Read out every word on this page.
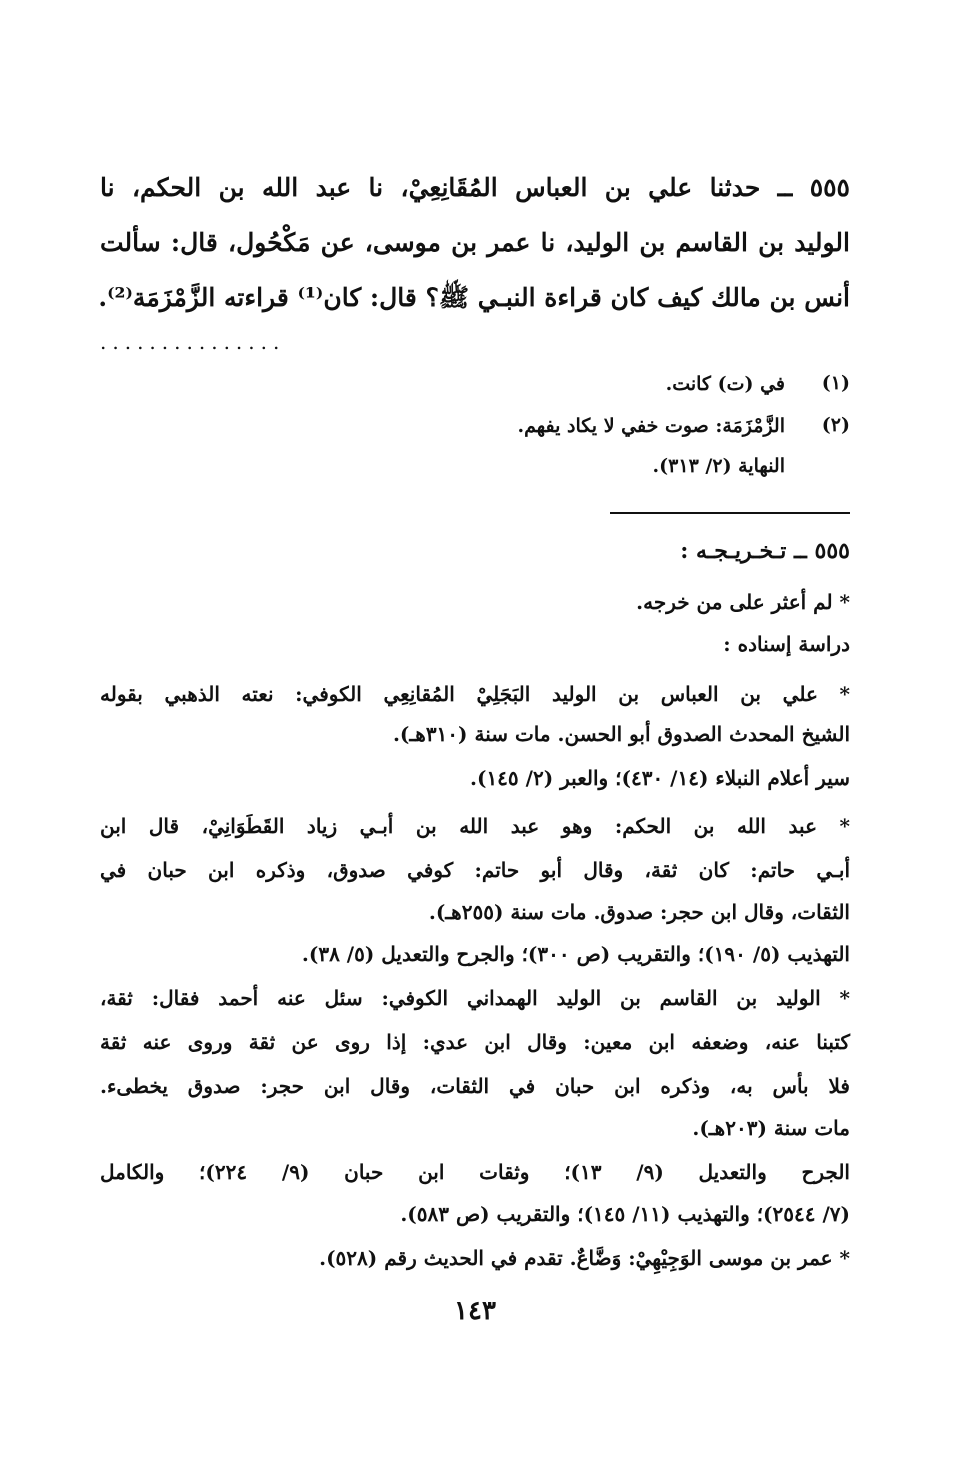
٥٥٥ ــ حدثنا علي بن العباس المُقَانِعِيْ، نا عبد الله بن الحكم، نا
الوليد بن القاسم بن الوليد، نا عمر بن موسى، عن مَكْحُول، قال: سألت
أنس بن مالك كيف كان قراءة النبـي ﷺ؟ قال: كان⁽¹⁾ قراءته الزَّمْزَمَة⁽²⁾.
...............
(١)
في (ت) كانت.
(٢)
الزَّمْزَمَة: صوت خفي لا يكاد يفهم.
النهاية (٢/ ٣١٣).
٥٥٥ ــ تـخـريـجـه :
* لم أعثر على من خرجه.
دراسة إسناده :
* علي بن العباس بن الوليد البَجَلِيْ المُقانِعِي الكوفي: نعته الذهبي بقوله
الشيخ المحدث الصدوق أبو الحسن. مات سنة (٣١٠هـ).
سير أعلام النبلاء (١٤/ ٤٣٠)؛ والعبر (٢/ ١٤٥).
* عبد الله بن الحكم: وهو عبد الله بن أبـي زياد القَطَوَانِيْ، قال ابن
أبـي حاتم: كان ثقة، وقال أبو حاتم: كوفي صدوق، وذكره ابن حبان في
الثقات، وقال ابن حجر: صدوق. مات سنة (٢٥٥هـ).
التهذيب (٥/ ١٩٠)؛ والتقريب (ص ٣٠٠)؛ والجرح والتعديل (٥/ ٣٨).
* الوليد بن القاسم بن الوليد الهمداني الكوفي: سئل عنه أحمد فقال: ثقة،
كتبنا عنه، وضعفه ابن معين: وقال ابن عدي: إذا روى عن ثقة وروى عنه ثقة
فلا بأس به، وذكره ابن حبان في الثقات، وقال ابن حجر: صدوق يخطىء.
مات سنة (٢٠٣هـ).
الجرح والتعديل (٩/ ١٣)؛ وثقات ابن حبان (٩/ ٢٢٤)؛ والكامل
(٧/ ٢٥٤٤)؛ والتهذيب (١١/ ١٤٥)؛ والتقريب (ص ٥٨٣).
* عمر بن موسى الوَجِيْهِيْ: وَضَّاعٌ. تقدم في الحديث رقم (٥٢٨).
١٤٣
